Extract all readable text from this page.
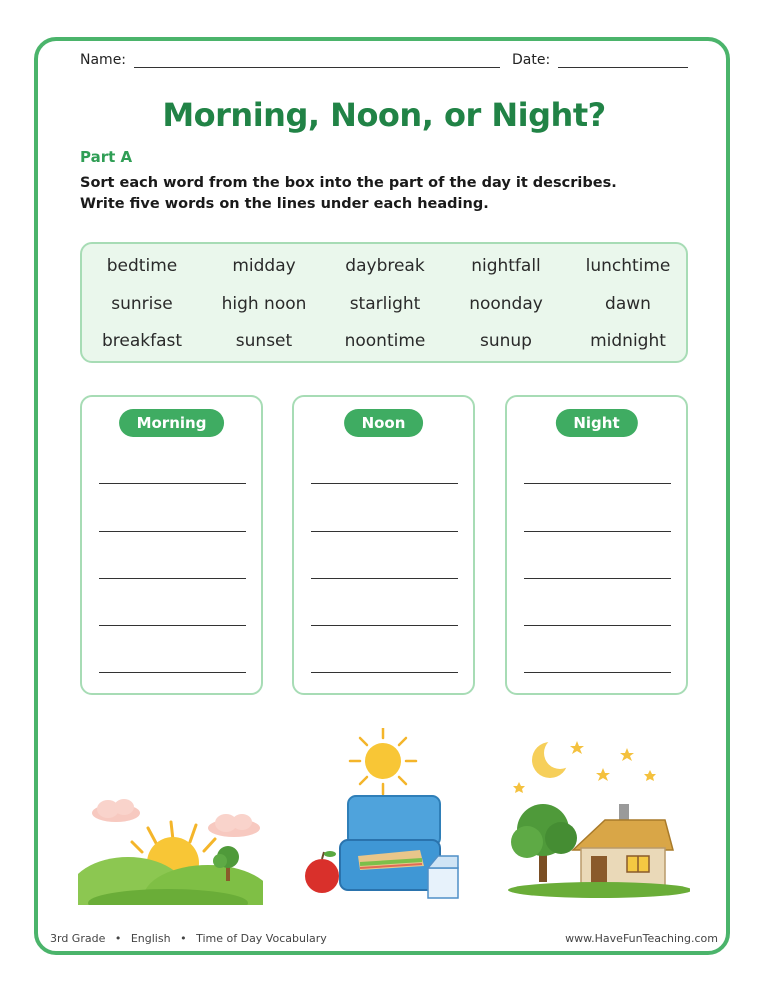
Name:	Date:
Morning, Noon, or Night?
Part A
Sort each word from the box into the part of the day it describes.
Write five words on the lines under each heading.
bedtime	midday	daybreak	nightfall	lunchtime
sunrise	high noon	starlight	noonday	dawn
breakfast	sunset	noontime	sunup	midnight
Morning	Noon	Night
3rd Grade • English • Time of Day Vocabulary	www.HaveFunTeaching.com
